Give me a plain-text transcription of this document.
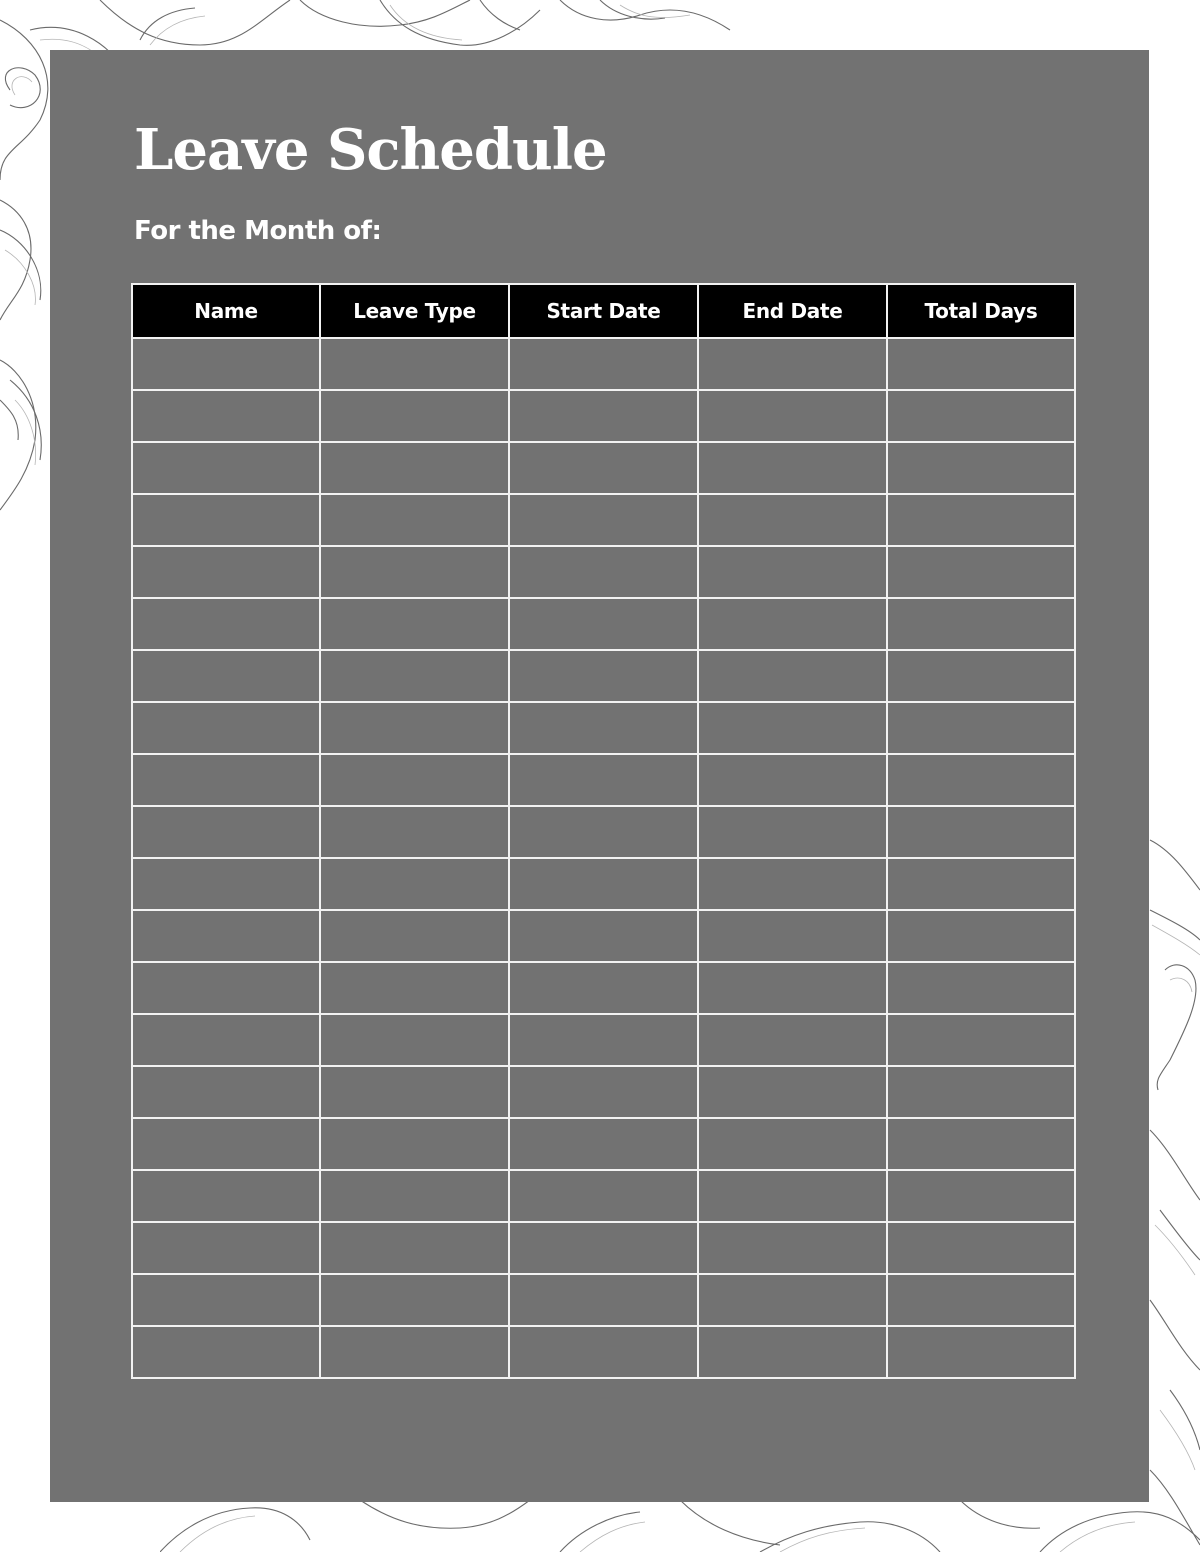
Leave Schedule
For the Month of:
Name	Leave Type	Start Date	End Date	Total Days
